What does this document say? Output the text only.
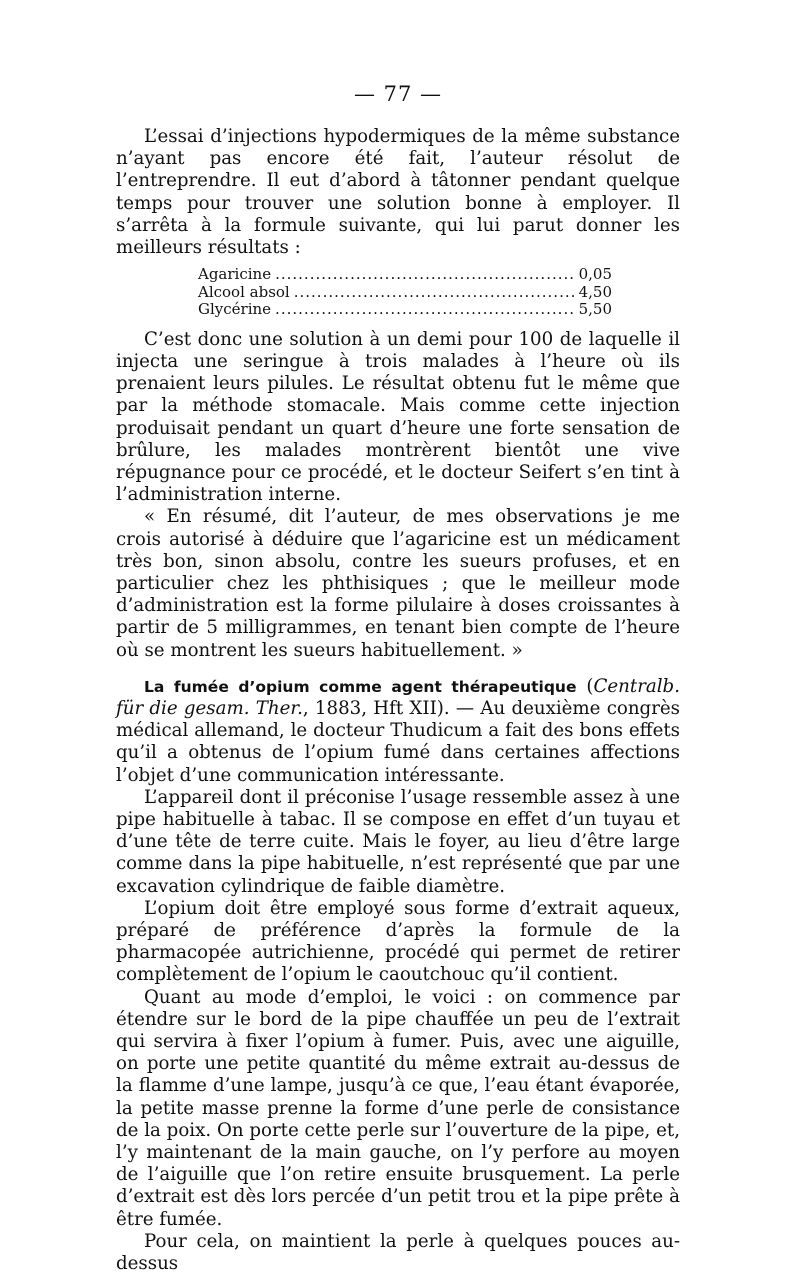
— 77 —

L’essai d’injections hypodermiques de la même substance n’ayant pas encore été fait, l’auteur résolut de l’entreprendre. Il eut d’abord à tâtonner pendant quelque temps pour trouver une solution bonne à employer. Il s’arrêta à la formule suivante, qui lui parut donner les meilleurs résultats :

Agaricine .....	0,05
Alcool absol .....	4,50
Glycérine .....	5,50

C’est donc une solution à un demi pour 100 de laquelle il injecta une seringue à trois malades à l’heure où ils prenaient leurs pilules. Le résultat obtenu fut le même que par la méthode stomacale. Mais comme cette injection produisait pendant un quart d’heure une forte sensation de brûlure, les malades montrèrent bientôt une vive répugnance pour ce procédé, et le docteur Seifert s’en tint à l’administration interne.

« En résumé, dit l’auteur, de mes observations je me crois autorisé à déduire que l’agaricine est un médicament très bon, sinon absolu, contre les sueurs profuses, et en particulier chez les phthisiques ; que le meilleur mode d’administration est la forme pilulaire à doses croissantes à partir de 5 milligrammes, en tenant bien compte de l’heure où se montrent les sueurs habituellement. »

La fumée d’opium comme agent thérapeutique (Centralb. für die gesam. Ther., 1883, Hft XII). — Au deuxième congrès médical allemand, le docteur Thudicum a fait des bons effets qu’il a obtenus de l’opium fumé dans certaines affections l’objet d’une communication intéressante.

L’appareil dont il préconise l’usage ressemble assez à une pipe habituelle à tabac. Il se compose en effet d’un tuyau et d’une tête de terre cuite. Mais le foyer, au lieu d’être large comme dans la pipe habituelle, n’est représenté que par une excavation cylindrique de faible diamètre.

L’opium doit être employé sous forme d’extrait aqueux, préparé de préférence d’après la formule de la pharmacopée autrichienne, procédé qui permet de retirer complètement de l’opium le caoutchouc qu’il contient.

Quant au mode d’emploi, le voici : on commence par étendre sur le bord de la pipe chauffée un peu de l’extrait qui servira à fixer l’opium à fumer. Puis, avec une aiguille, on porte une petite quantité du même extrait au-dessus de la flamme d’une lampe, jusqu’à ce que, l’eau étant évaporée, la petite masse prenne la forme d’une perle de consistance de la poix. On porte cette perle sur l’ouverture de la pipe, et, l’y maintenant de la main gauche, on l’y perfore au moyen de l’aiguille que l’on retire ensuite brusquement. La perle d’extrait est dès lors percée d’un petit trou et la pipe prête à être fumée.

Pour cela, on maintient la perle à quelques pouces au-dessus
